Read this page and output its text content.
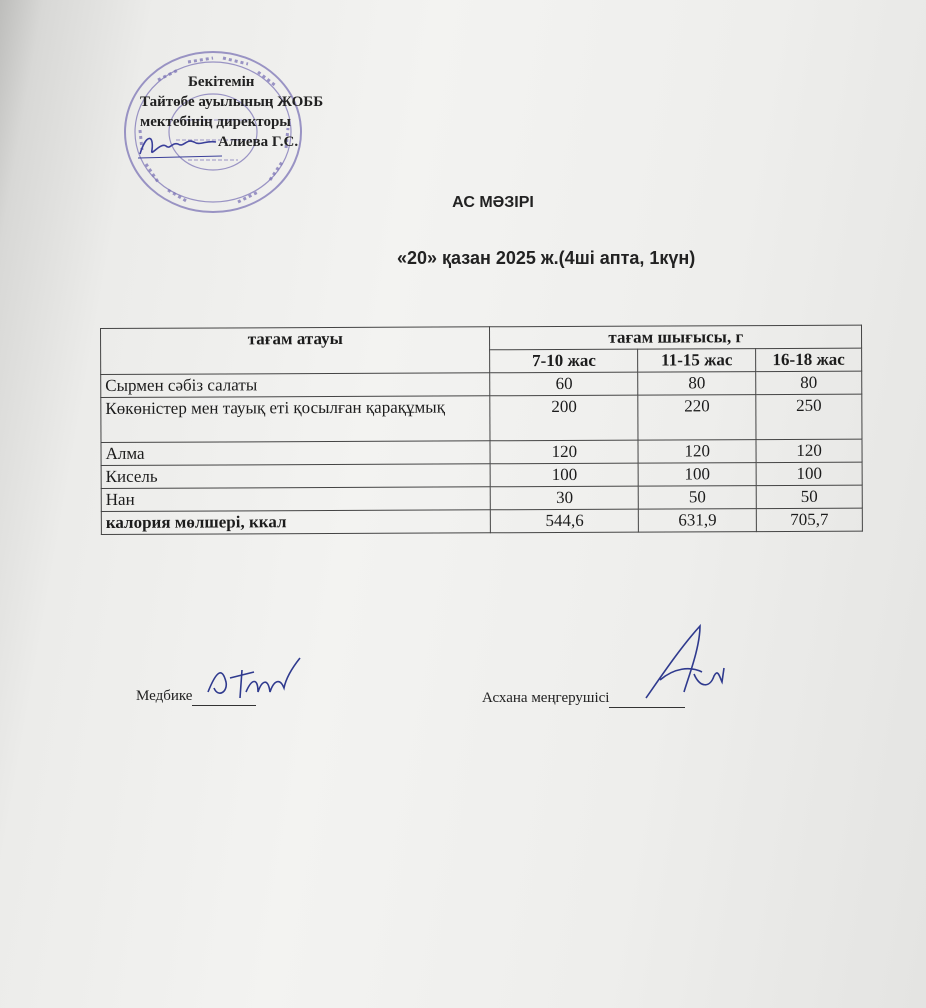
Бекітемін
Тайтөбе ауылының ЖОББ
мектебінің директоры
Алиева Г.С.
АС МӘЗІРІ
«20» қазан 2025 ж.(4ші апта, 1күн)
тағам атауы	тағам шығысы, г		
	7-10 жас	11-15 жас	16-18 жас
Сырмен сәбіз салаты	60	80	80
Көкөністер мен тауық еті қосылған қарақұмық	200	220	250
Алма	120	120	120
Кисель	100	100	100
Нан	30	50	50
калория мөлшері, ккал	544,6	631,9	705,7
Медбике	Асхана меңгерушісі
